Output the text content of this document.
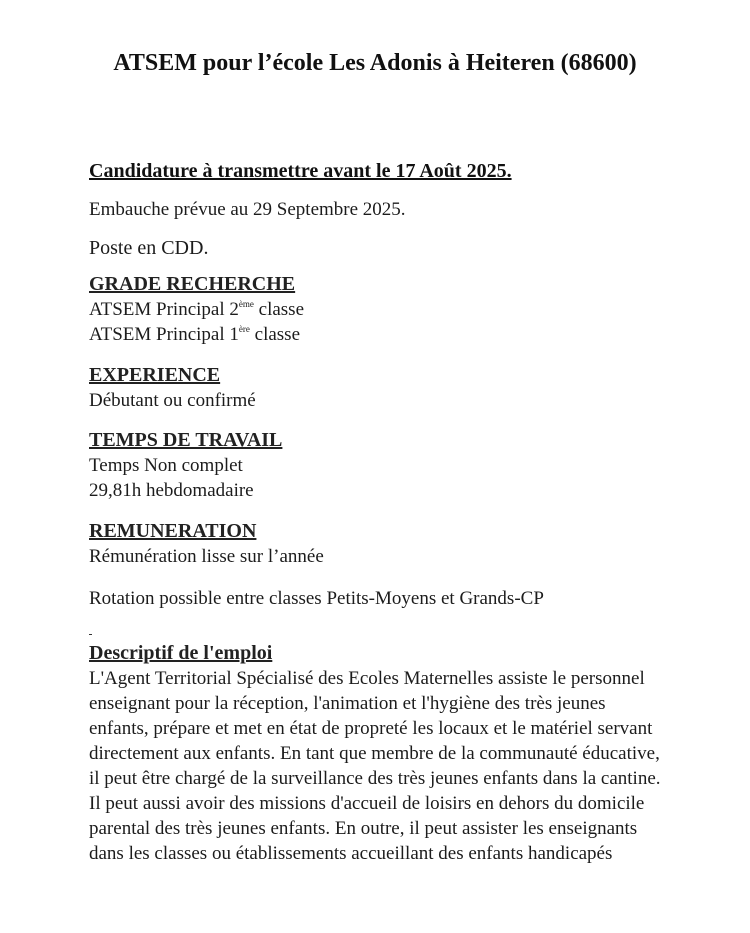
ATSEM pour l’école Les Adonis à Heiteren (68600)
Candidature à transmettre avant le 17 Août 2025.
Embauche prévue au 29 Septembre 2025.
Poste en CDD.
GRADE RECHERCHE
ATSEM Principal 2ème classe
ATSEM Principal 1ère classe
EXPERIENCE
Débutant ou confirmé
TEMPS DE TRAVAIL
Temps Non complet
29,81h hebdomadaire
REMUNERATION
Rémunération lisse sur l’année
Rotation possible entre classes Petits-Moyens et Grands-CP
Descriptif de l'emploi

L'Agent Territorial Spécialisé des Ecoles Maternelles assiste le personnel enseignant pour la réception, l'animation et l'hygiène des très jeunes enfants, prépare et met en état de propreté les locaux et le matériel servant directement aux enfants. En tant que membre de la communauté éducative, il peut être chargé de la surveillance des très jeunes enfants dans la cantine. Il peut aussi avoir des missions d'accueil de loisirs en dehors du domicile parental des très jeunes enfants. En outre, il peut assister les enseignants dans les classes ou établissements accueillant des enfants handicapés
